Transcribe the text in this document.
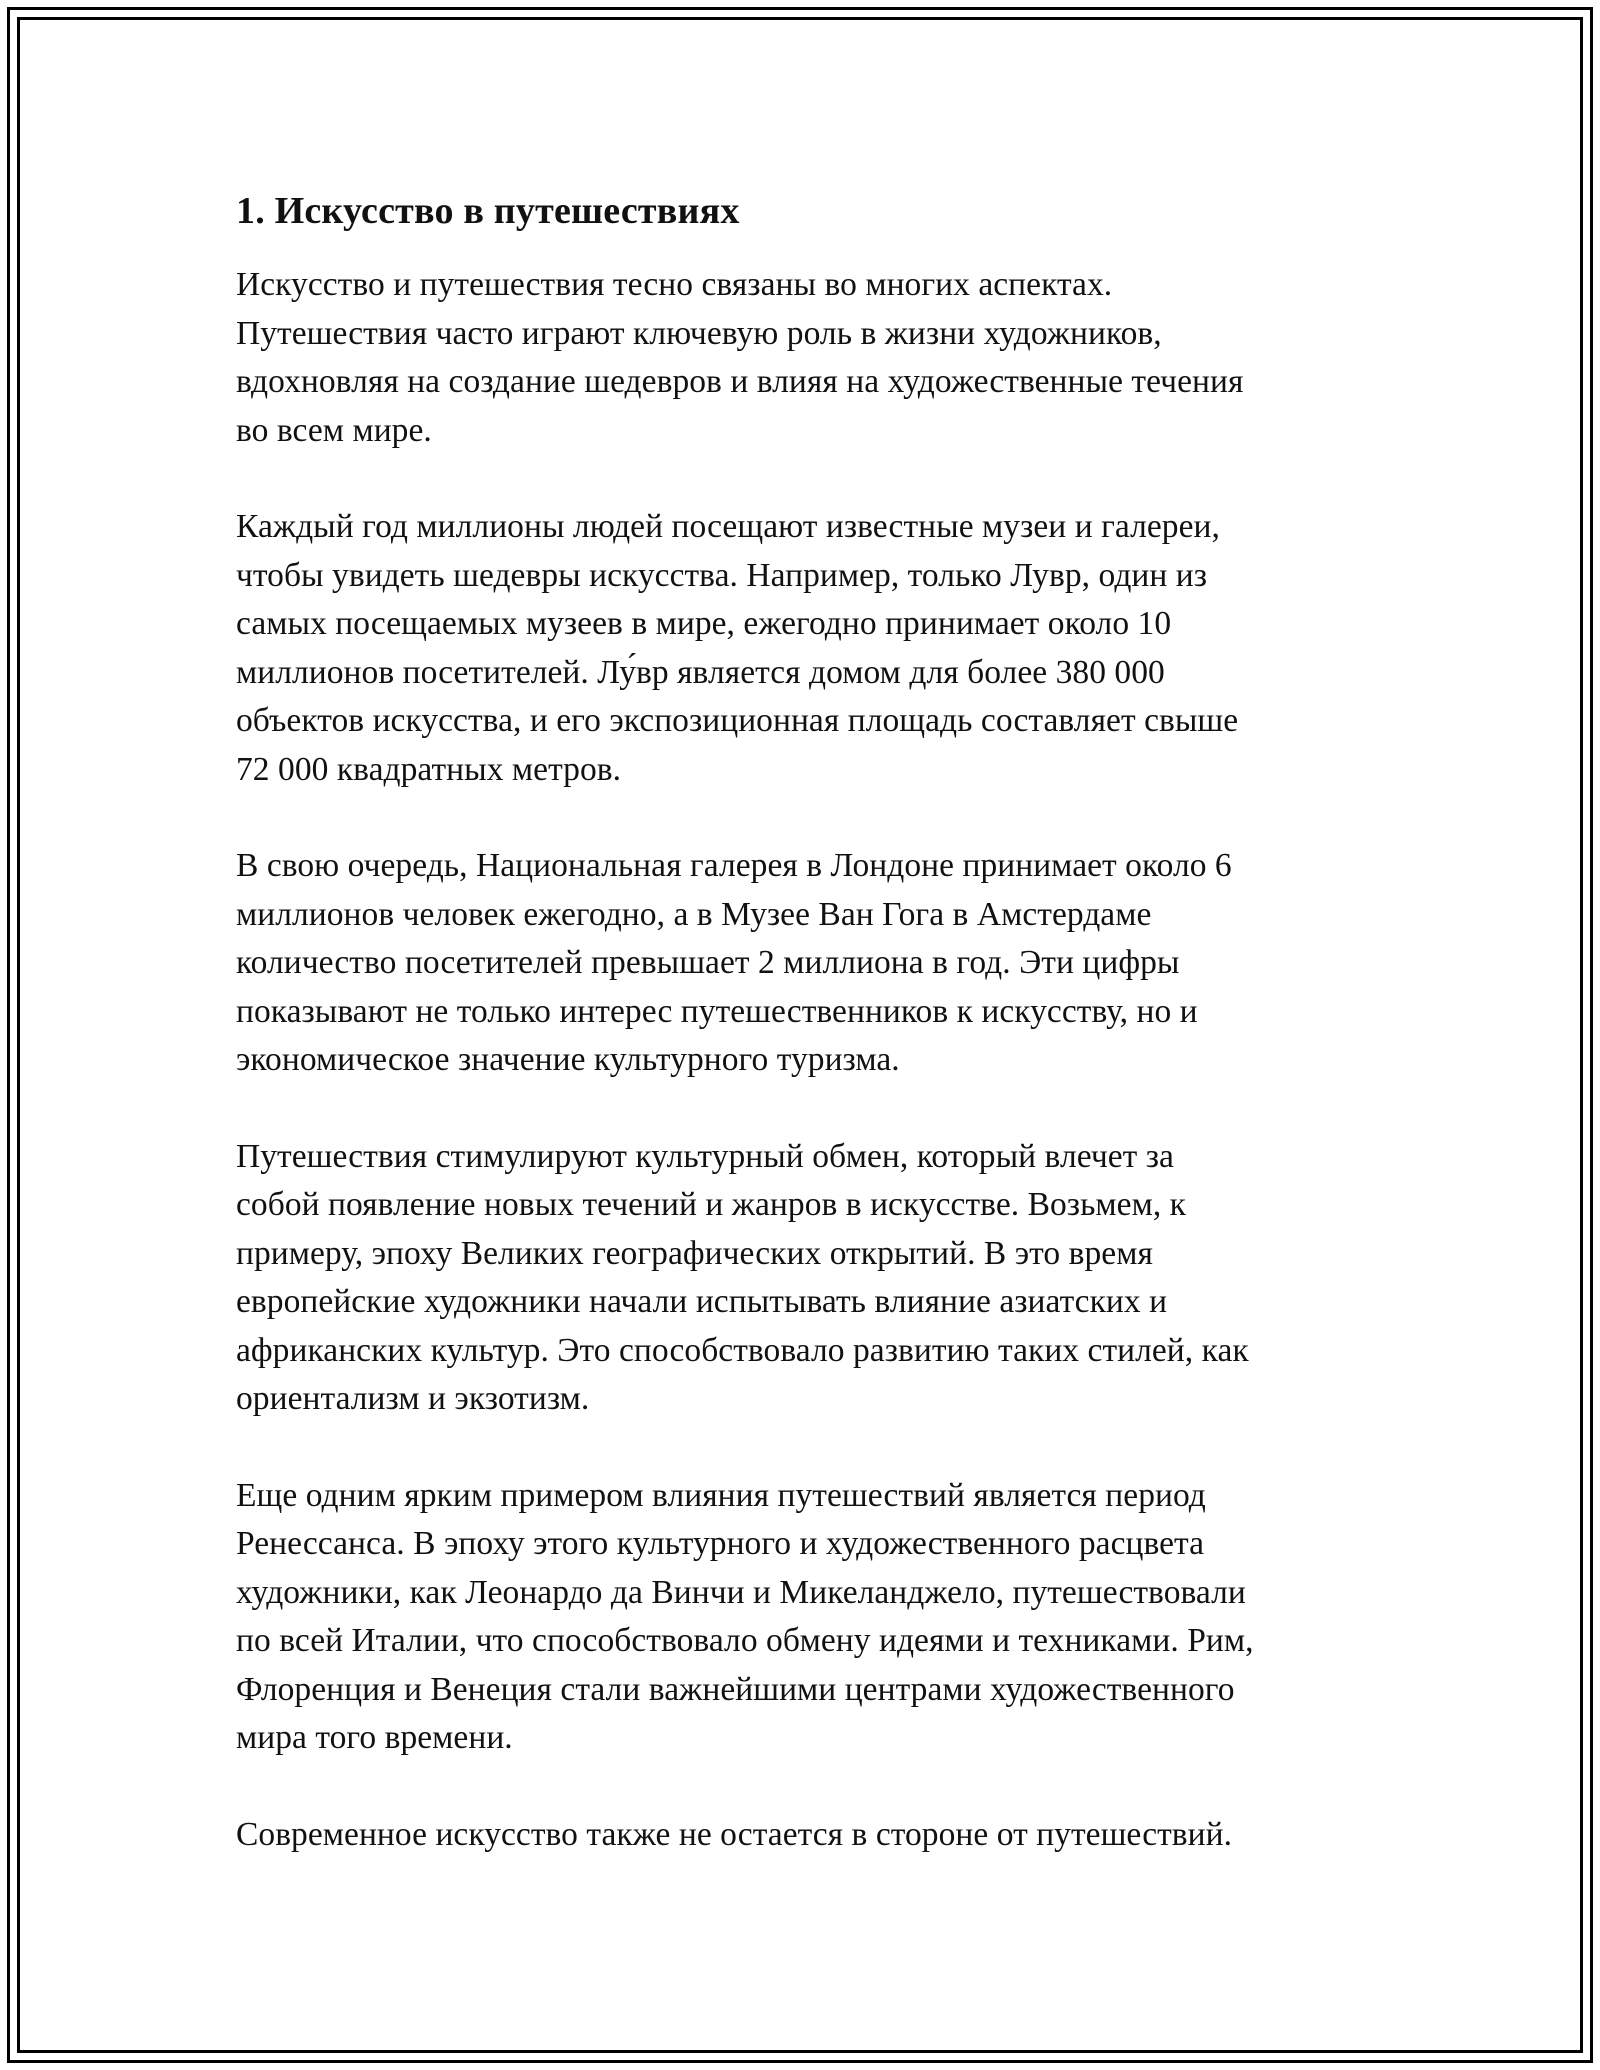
1. Искусство в путешествиях

Искусство и путешествия тесно связаны во многих аспектах.
Путешествия часто играют ключевую роль в жизни художников,
вдохновляя на создание шедевров и влияя на художественные течения
во всем мире.

Каждый год миллионы людей посещают известные музеи и галереи,
чтобы увидеть шедевры искусства. Например, только Лувр, один из
самых посещаемых музеев в мире, ежегодно принимает около 10
миллионов посетителей. Лу́вр является домом для более 380 000
объектов искусства, и его экспозиционная площадь составляет свыше
72 000 квадратных метров.

В свою очередь, Национальная галерея в Лондоне принимает около 6
миллионов человек ежегодно, а в Музее Ван Гога в Амстердаме
количество посетителей превышает 2 миллиона в год. Эти цифры
показывают не только интерес путешественников к искусству, но и
экономическое значение культурного туризма.

Путешествия стимулируют культурный обмен, который влечет за
собой появление новых течений и жанров в искусстве. Возьмем, к
примеру, эпоху Великих географических открытий. В это время
европейские художники начали испытывать влияние азиатских и
африканских культур. Это способствовало развитию таких стилей, как
ориентализм и экзотизм.

Еще одним ярким примером влияния путешествий является период
Ренессанса. В эпоху этого культурного и художественного расцвета
художники, как Леонардо да Винчи и Микеланджело, путешествовали
по всей Италии, что способствовало обмену идеями и техниками. Рим,
Флоренция и Венеция стали важнейшими центрами художественного
мира того времени.

Современное искусство также не остается в стороне от путешествий.
